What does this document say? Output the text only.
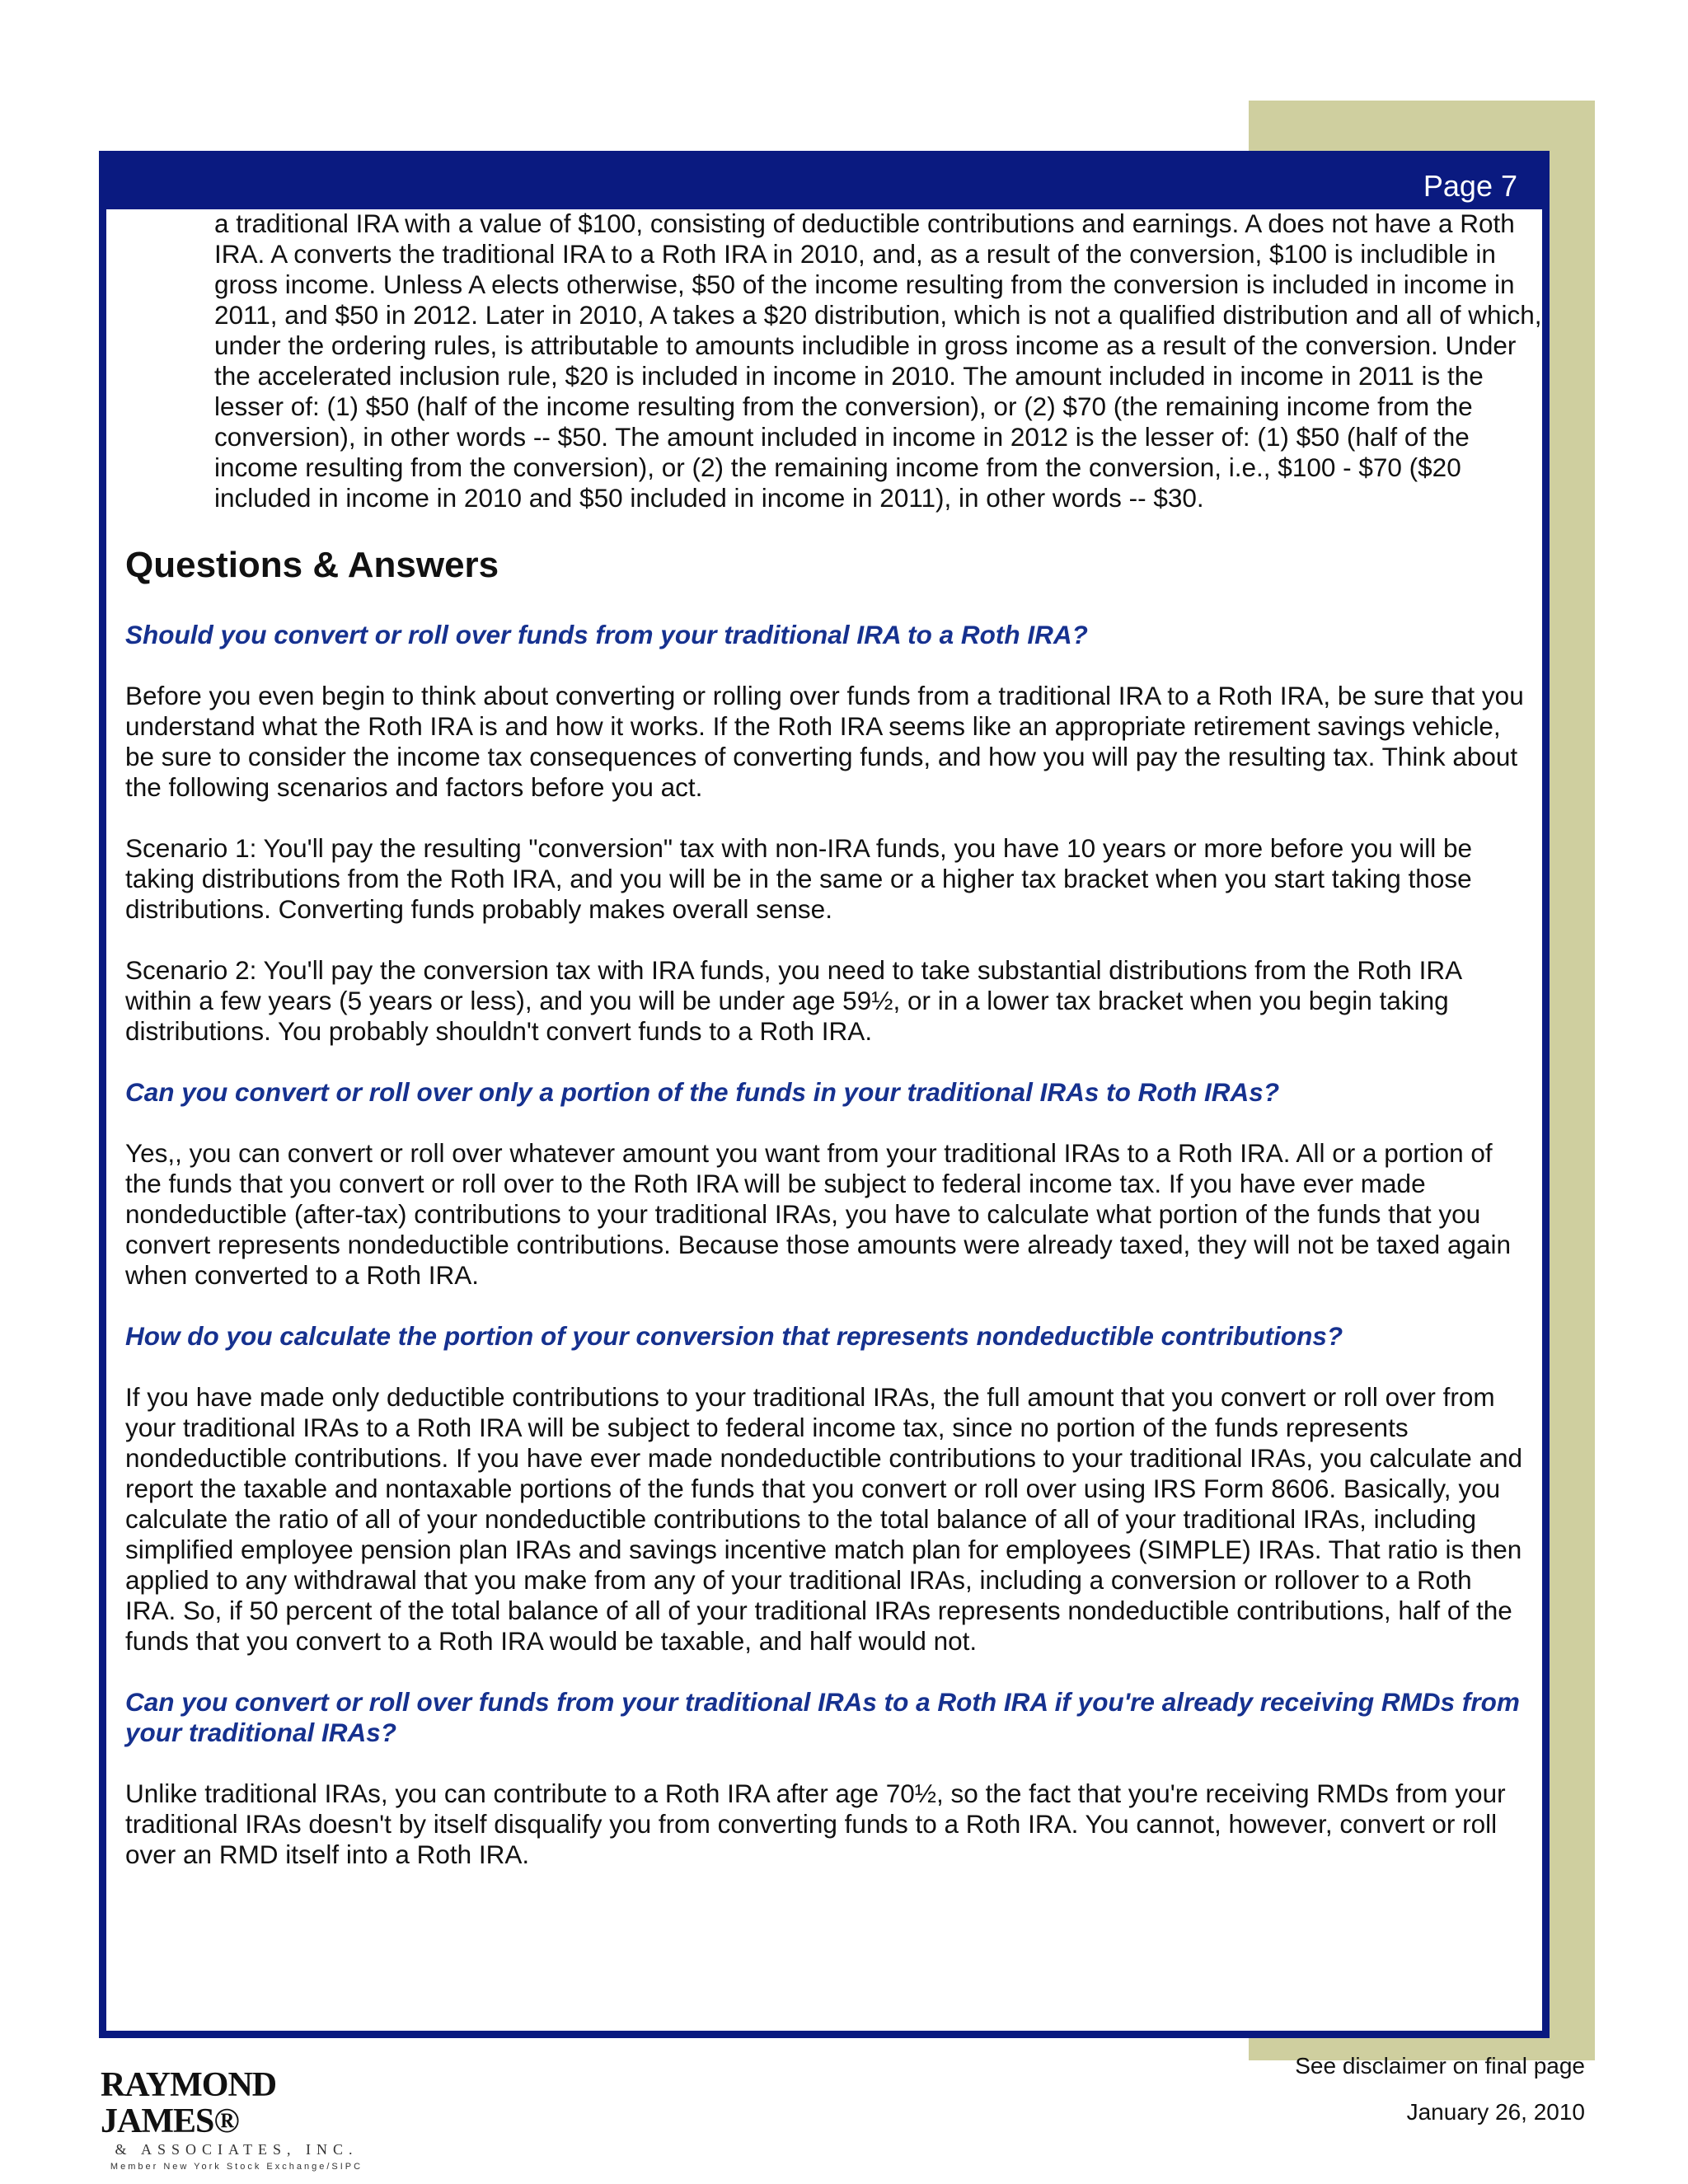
Page 7

a traditional IRA with a value of $100, consisting of deductible contributions and earnings. A does not have a Roth IRA. A converts the traditional IRA to a Roth IRA in 2010, and, as a result of the conversion, $100 is includible in gross income. Unless A elects otherwise, $50 of the income resulting from the conversion is included in income in 2011, and $50 in 2012. Later in 2010, A takes a $20 distribution, which is not a qualified distribution and all of which, under the ordering rules, is attributable to amounts includible in gross income as a result of the conversion. Under the accelerated inclusion rule, $20 is included in income in 2010. The amount included in income in 2011 is the lesser of: (1) $50 (half of the income resulting from the conversion), or (2) $70 (the remaining income from the conversion), in other words -- $50. The amount included in income in 2012 is the lesser of: (1) $50 (half of the income resulting from the conversion), or (2) the remaining income from the conversion, i.e., $100 - $70 ($20 included in income in 2010 and $50 included in income in 2011), in other words -- $30.

Questions & Answers
Should you convert or roll over funds from your traditional IRA to a Roth IRA?

Before you even begin to think about converting or rolling over funds from a traditional IRA to a Roth IRA, be sure that you understand what the Roth IRA is and how it works. If the Roth IRA seems like an appropriate retirement savings vehicle, be sure to consider the income tax consequences of converting funds, and how you will pay the resulting tax. Think about the following scenarios and factors before you act.

Scenario 1: You'll pay the resulting "conversion" tax with non-IRA funds, you have 10 years or more before you will be taking distributions from the Roth IRA, and you will be in the same or a higher tax bracket when you start taking those distributions. Converting funds probably makes overall sense.

Scenario 2: You'll pay the conversion tax with IRA funds, you need to take substantial distributions from the Roth IRA within a few years (5 years or less), and you will be under age 59½, or in a lower tax bracket when you begin taking distributions. You probably shouldn't convert funds to a Roth IRA.

Can you convert or roll over only a portion of the funds in your traditional IRAs to Roth IRAs?

Yes,, you can convert or roll over whatever amount you want from your traditional IRAs to a Roth IRA. All or a portion of the funds that you convert or roll over to the Roth IRA will be subject to federal income tax. If you have ever made nondeductible (after-tax) contributions to your traditional IRAs, you have to calculate what portion of the funds that you convert represents nondeductible contributions. Because those amounts were already taxed, they will not be taxed again when converted to a Roth IRA.

How do you calculate the portion of your conversion that represents nondeductible contributions?

If you have made only deductible contributions to your traditional IRAs, the full amount that you convert or roll over from your traditional IRAs to a Roth IRA will be subject to federal income tax, since no portion of the funds represents nondeductible contributions. If you have ever made nondeductible contributions to your traditional IRAs, you calculate and report the taxable and nontaxable portions of the funds that you convert or roll over using IRS Form 8606. Basically, you calculate the ratio of all of your nondeductible contributions to the total balance of all of your traditional IRAs, including simplified employee pension plan IRAs and savings incentive match plan for employees (SIMPLE) IRAs. That ratio is then applied to any withdrawal that you make from any of your traditional IRAs, including a conversion or rollover to a Roth IRA. So, if 50 percent of the total balance of all of your traditional IRAs represents nondeductible contributions, half of the funds that you convert to a Roth IRA would be taxable, and half would not.

Can you convert or roll over funds from your traditional IRAs to a Roth IRA if you're already receiving RMDs from your traditional IRAs?

Unlike traditional IRAs, you can contribute to a Roth IRA after age 70½, so the fact that you're receiving RMDs from your traditional IRAs doesn't by itself disqualify you from converting funds to a Roth IRA. You cannot, however, convert or roll over an RMD itself into a Roth IRA.

RAYMOND JAMES®
& ASSOCIATES, INC.
Member New York Stock Exchange/SIPC
See disclaimer on final page
January 26, 2010
